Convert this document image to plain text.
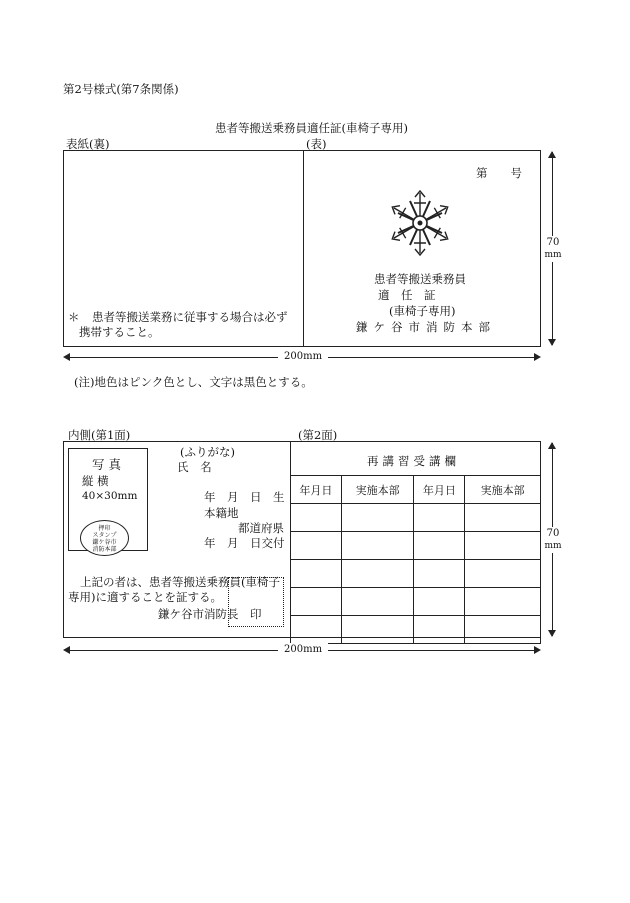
第2号様式(第7条関係)
患者等搬送乗務員適任証(車椅子専用)
表紙(裏)	(表)
＊ 患者等搬送業務に従事する場合は必ず
携帯すること。
第　　号
患者等搬送乗務員
適　任　証
(車椅子専用)
鎌ケ谷市消防本部
70
mm
200mm
(注)地色はピンク色とし、文字は黒色とする。
内側(第1面)	(第2面)
写 真
縦 横
40×30mm
押印
スタンプ
鎌ケ谷市
消防本部
(ふりがな)
氏 名
年　月　日　生
本籍地
都道府県
年　月　日交付
上記の者は、患者等搬送乗務員(車椅子
専用)に適することを証する。
鎌ケ谷市消防長　印
再講習受講欄
年月日	実施本部	年月日	実施本部

70
mm
200mm
